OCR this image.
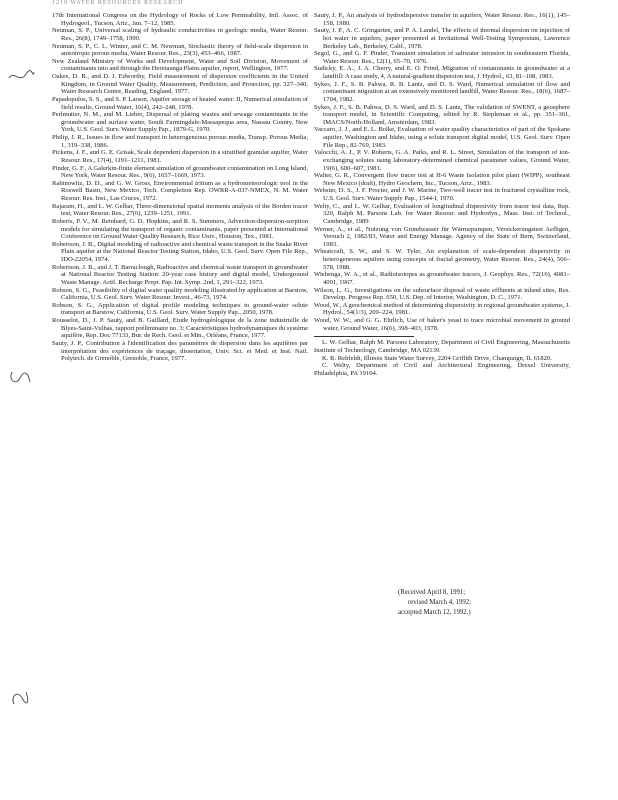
1210 WATER RESOURCES RESEARCH

17th International Congress on the Hydrology of Rocks of Low Permeability, Intl. Assoc. of Hydrogeol., Tucson, Ariz., Jan. 7–12, 1985.

Neuman, S. P., Universal scaling of hydraulic conductivities in geologic media, Water Resour. Res., 26(8), 1749–1758, 1990.

Neuman, S. P., C. L. Winter, and C. M. Newman, Stochastic theory of field-scale dispersion in anisotropic porous media, Water Resour. Res., 23(3), 453–466, 1987.

New Zealand Ministry of Works and Development, Water and Soil Division, Movement of contaminants into and through the Heretaunga Plains aquifer, report, Wellington, 1977.

Oakes, D. B., and D. J. Edworthy, Field measurement of dispersion coefficients in the United Kingdom, in Ground Water Quality, Measurement, Prediction, and Protection, pp. 327–340, Water Research Centre, Reading, England, 1977.

Papadopulos, S. S., and S. P. Larson, Aquifer storage of heated water: II, Numerical simulation of field results, Ground Water, 16(4), 242–248, 1978.

Perlmutter, N. M., and M. Lieber, Dispersal of plating wastes and sewage contaminants in the groundwater and surface water, South Farmingdale-Massapequa area, Nassau County, New York, U.S. Geol. Surv. Water Supply Pap., 1879-G, 1970.

Philip, J. R., Issues in flow and transport in heterogeneous porous media, Transp. Porous Media, 1, 319–338, 1986.

Pickens, J. F., and G. E. Grisak, Scale dependent dispersion in a stratified granular aquifer, Water Resour. Res., 17(4), 1191–1211, 1981.

Pinder, G. F., A Galerkin-finite element simulation of groundwater contamination on Long Island, New York, Water Resour. Res., 9(6), 1657–1669, 1973.

Rabinowitz, D. D., and G. W. Gross, Environmental tritium as a hydrometeorologic tool in the Roswell Basin, New Mexico, Tech. Completion Rep. OWRR-A-037-NMEX, N. M. Water Resour. Res. Inst., Las Cruces, 1972.

Rajaram, H., and L. W. Gelhar, Three-dimensional spatial moments analysis of the Borden tracer test, Water Resour. Res., 27(6), 1239–1251, 1991.

Roberts, P. V., M. Reinhard, G. D. Hopkins, and R. S. Summers, Advection-dispersion-sorption models for simulating the transport of organic contaminants, paper presented at International Conference on Ground Water Quality Research, Rice Univ., Houston, Tex., 1981.

Robertson, J. B., Digital modeling of radioactive and chemical waste transport in the Snake River Plain aquifer at the National Reactor Testing Station, Idaho, U.S. Geol. Surv. Open File Rep., IDO-22054, 1974.

Robertson, J. B., and J. T. Barraclough, Radioactive and chemical waste transport in groundwater at National Reactor Testing Station: 20-year case history and digital model, Underground Waste Manage. Artif. Recharge Prepr. Pap. Int. Symp. 2nd, 1, 291–322, 1973.

Robson, S. G., Feasibility of digital water quality modeling illustrated by application at Barstow, California, U.S. Geol. Surv. Water Resour. Invest., 46-73, 1974.

Robson, S. G., Application of digital profile modeling techniques to ground-water solute transport at Barstow, California, U.S. Geol. Surv. Water Supply Pap., 2050, 1978.

Rousselot, D., J. P. Sauty, and B. Gaillard, Etude hydrogéologique de la zone industrielle de Blyes-Saint-Vulbas, rapport préliminaire no. 3: Caractéristiques hydrodynamiques du système aquifère, Rep. Doc 77133, Bur. de Rech. Geol. et Min., Orléans, France, 1977.

Sauty, J. P., Contribution à l'identification des paramètres de dispersion dans les aquifères par interprétation des expériences de traçage, dissertation, Univ. Sci. et Med. et Inst. Natl. Polytech. de Grenoble, Grenoble, France, 1977.

Sauty, J. P., An analysis of hydrodispersive transfer in aquifers, Water Resour. Res., 16(1), 145–158, 1980.

Sauty, J. P., A. C. Gringarten, and P. A. Landel, The effects of thermal dispersion on injection of hot water in aquifers, paper presented at Invitational Well-Testing Symposium, Lawrence Berkeley Lab., Berkeley, Calif., 1978.

Segol, G., and G. F. Pinder, Transient simulation of saltwater intrusion in southeastern Florida, Water Resour. Res., 12(1), 65–70, 1976.

Sudicky, E. A., J. A. Cherry, and E. O. Frind, Migration of contaminants in groundwater at a landfill: A case study, 4, A natural-gradient dispersion test, J. Hydrol., 63, 81–108, 1983.

Sykes, J. F., S. B. Pahwa, R. B. Lantz, and D. S. Ward, Numerical simulation of flow and contaminant migration at an extensively monitored landfill, Water Resour. Res., 18(6), 1687–1704, 1982.

Sykes, J. F., S. B. Pahwa, D. S. Ward, and D. S. Lantz, The validation of SWENT, a geosphere transport model, in Scientific Computing, edited by R. Stepleman et al., pp. 351–361, IMACS/North-Holland, Amsterdam, 1983.

Vaccaro, J. J., and E. L. Bolke, Evaluation of water quality characteristics of part of the Spokane aquifer, Washington and Idaho, using a solute transport digital model, U.S. Geol. Surv. Open File Rep., 82-769, 1983.

Valocchi, A. J., P. V. Roberts, G. A. Parks, and R. L. Street, Simulation of the transport of ion-exchanging solutes using laboratory-determined chemical parameter values, Ground Water, 19(6), 600–607, 1981.

Walter, G. R., Convergent flow tracer test at H-6 Waste Isolation pilot plant (WIPP), southeast New Mexico (draft), Hydro Geochem, Inc., Tucson, Ariz., 1983.

Webster, D. S., J. F. Procter, and J. W. Marine, Two-well tracer test in fractured crystalline rock, U.S. Geol. Surv. Water Supply Pap., 1544-I, 1970.

Welty, C., and L. W. Gelhar, Evaluation of longitudinal dispersivity from tracer test data, Rep. 320, Ralph M. Parsons Lab. for Water Resour. and Hydrodyn., Mass. Inst. of Technol., Cambridge, 1989.

Werner, A., et al., Nutzung von Grundwasser für Wärmepumpen, Versickerungstest Aefligen, Versuch 2, 1982/83, Water and Energy Manage. Agency of the State of Bern, Switzerland, 1983.

Wheatcraft, S. W., and S. W. Tyler, An explanation of scale-dependent dispersivity in heterogeneous aquifers using concepts of fractal geometry, Water Resour. Res., 24(4), 566–578, 1988.

Wiebenga, W. A., et al., Radioisotopes as groundwater tracers, J. Geophys. Res., 72(16), 4081–4091, 1967.

Wilson, L. G., Investigations on the subsurface disposal of waste effluents at inland sites, Res. Develop. Progress Rep. 650, U.S. Dep. of Interior, Washington, D. C., 1971.

Wood, W., A geochemical method of determining dispersivity in regional groundwater systems, J. Hydrol., 54(1/3), 209–224, 1981.

Wood, W. W., and G. G. Ehrlich, Use of baker's yeast to trace microbial movement in ground water, Ground Water, 16(6), 398–403, 1978.

L. W. Gelhar, Ralph M. Parsons Laboratory, Department of Civil Engineering, Massachusetts Institute of Technology, Cambridge, MA 02139.

K. R. Rehfeldt, Illinois State Water Survey, 2204 Griffith Drive, Champaign, IL 61820.

C. Welty, Department of Civil and Architectural Engineering, Drexel University, Philadelphia, PA 19104.

(Received April 8, 1991;

revised March 4, 1992;

accepted March 12, 1992.)
